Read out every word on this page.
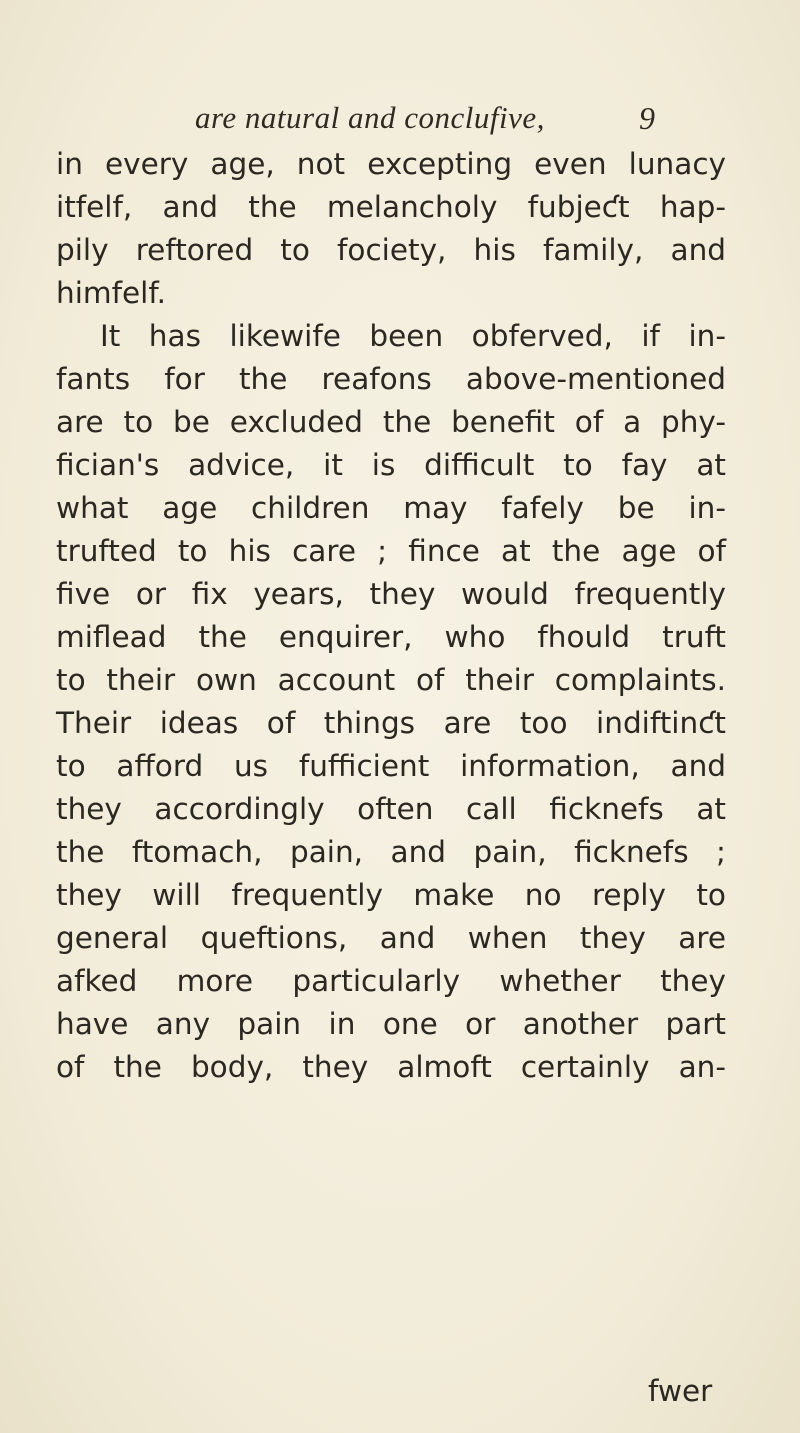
are natural and conclufive,	9
in every age, not excepting even lunacy
itfelf, and the melancholy fubjeƈt hap-
pily reftored to fociety, his family, and
himfelf.
It has likewife been obferved, if in-
fants for the reafons above-mentioned
are to be excluded the benefit of a phy-
fician's advice, it is difficult to fay at
what age children may fafely be in-
trufted to his care ; fince at the age of
five or fix years, they would frequently
miflead the enquirer, who fhould truft
to their own account of their complaints.
Their ideas of things are too indiftinƈt
to afford us fufficient information, and
they accordingly often call ficknefs at
the ftomach, pain, and pain, ficknefs ;
they will frequently make no reply to
general queftions, and when they are
afked more particularly whether they
have any pain in one or another part
of the body, they almoft certainly an-
fwer
